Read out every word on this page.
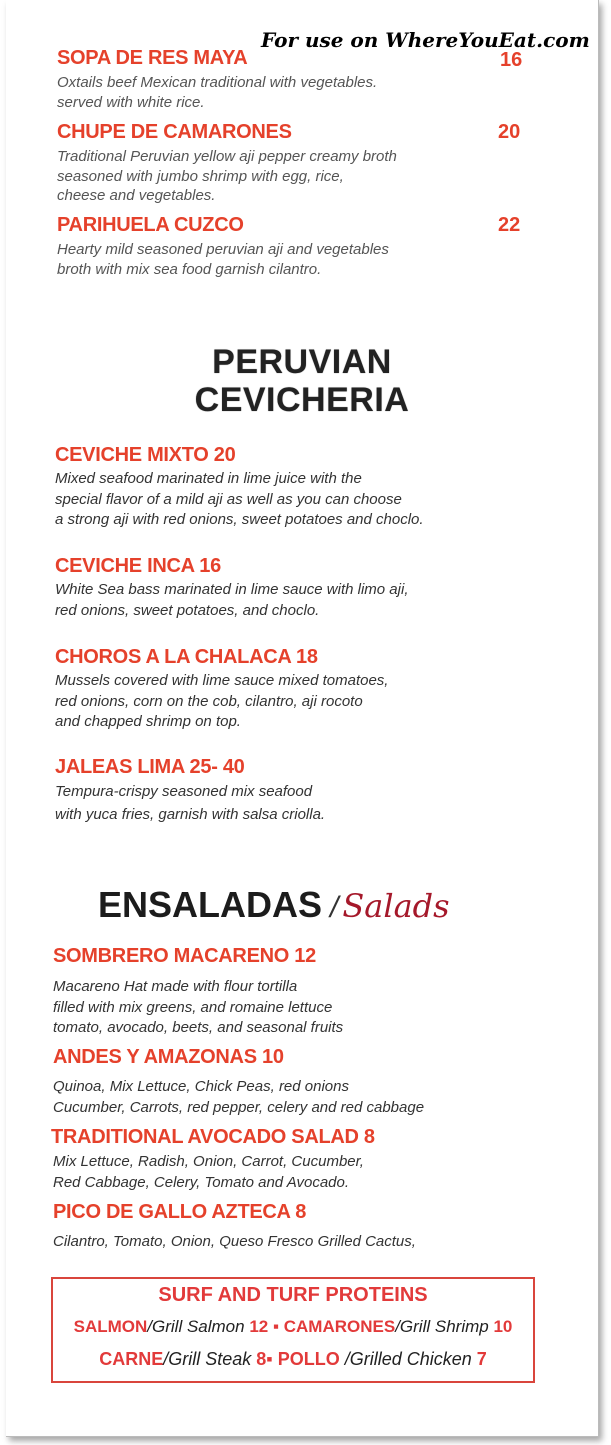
For use on WhereYouEat.com
SOPA DE RES MAYA	16
Oxtails beef Mexican traditional with vegetables.
served with white rice.
CHUPE DE CAMARONES	20
Traditional Peruvian yellow aji pepper creamy broth
seasoned with jumbo shrimp with egg, rice,
cheese and vegetables.
PARIHUELA CUZCO	22
Hearty mild seasoned peruvian aji and vegetables
broth with mix sea food garnish cilantro.
PERUVIAN
CEVICHERIA
CEVICHE MIXTO 20
Mixed seafood marinated in lime juice with the
special flavor of a mild aji as well as you can choose
a strong aji with red onions, sweet potatoes and choclo.
CEVICHE INCA 16
White Sea bass marinated in lime sauce with limo aji,
red onions, sweet potatoes, and choclo.
CHOROS A LA CHALACA 18
Mussels covered with lime sauce mixed tomatoes,
red onions, corn on the cob, cilantro, aji rocoto
and chapped shrimp on top.
JALEAS LIMA 25- 40
Tempura-crispy seasoned mix seafood
with yuca fries, garnish with salsa criolla.
ENSALADAS / Salads
SOMBRERO MACARENO 12
Macareno Hat made with flour tortilla
filled with mix greens, and romaine lettuce
tomato, avocado, beets, and seasonal fruits
ANDES Y AMAZONAS 10
Quinoa, Mix Lettuce, Chick Peas, red onions
Cucumber, Carrots, red pepper, celery and red cabbage
TRADITIONAL AVOCADO SALAD 8
Mix Lettuce, Radish, Onion, Carrot, Cucumber,
Red Cabbage, Celery, Tomato and Avocado.
PICO DE GALLO AZTECA 8
Cilantro, Tomato, Onion, Queso Fresco Grilled Cactus,
SURF AND TURF PROTEINS
SALMON/Grill Salmon 12 ▪ CAMARONES/Grill Shrimp 10
CARNE/Grill Steak 8▪ POLLO /Grilled Chicken 7
